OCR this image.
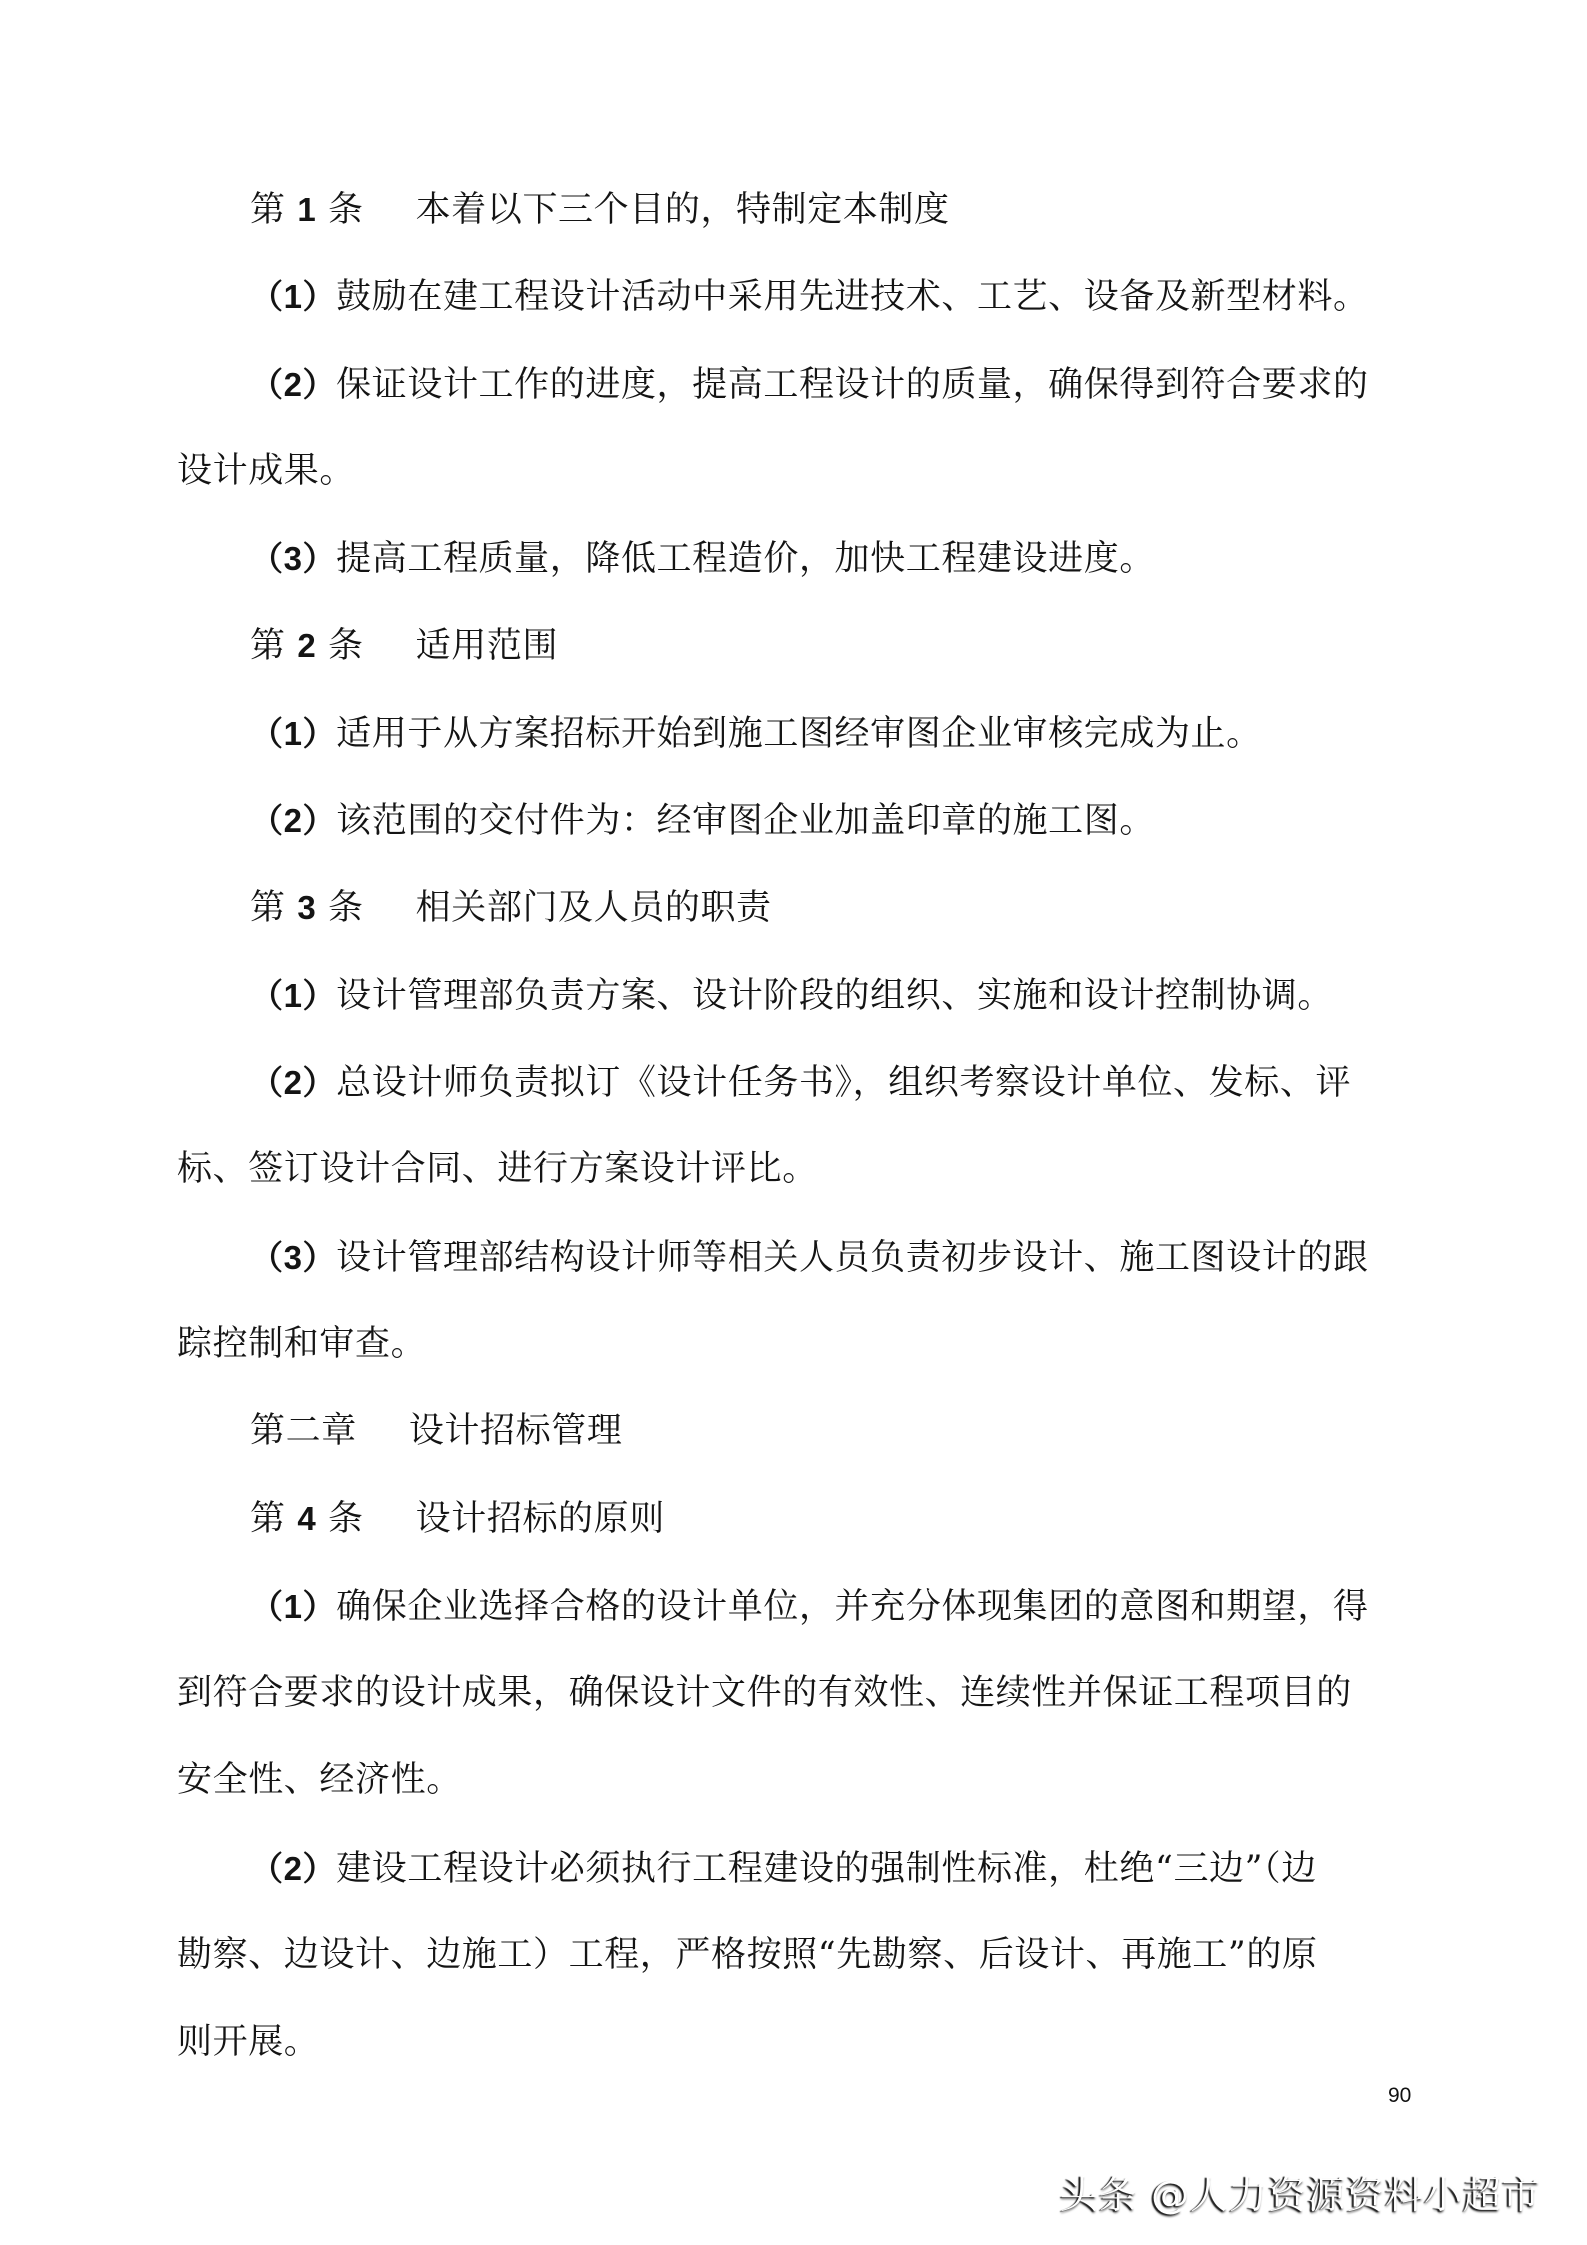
第 1 条 本着以下三个目的，特制定本制度
（1）鼓励在建工程设计活动中采用先进技术、工艺、设备及新型材料。
（2）保证设计工作的进度，提高工程设计的质量，确保得到符合要求的
设计成果。
（3）提高工程质量，降低工程造价，加快工程建设进度。
第 2 条 适用范围
（1）适用于从方案招标开始到施工图经审图企业审核完成为止。
（2）该范围的交付件为：经审图企业加盖印章的施工图。
第 3 条 相关部门及人员的职责
（1）设计管理部负责方案、设计阶段的组织、实施和设计控制协调。
（2）总设计师负责拟订《设计任务书》，组织考察设计单位、发标、评
标、签订设计合同、进行方案设计评比。
（3）设计管理部结构设计师等相关人员负责初步设计、施工图设计的跟
踪控制和审查。
第二章 设计招标管理
第 4 条 设计招标的原则
（1）确保企业选择合格的设计单位，并充分体现集团的意图和期望，得
到符合要求的设计成果，确保设计文件的有效性、连续性并保证工程项目的
安全性、经济性。
（2）建设工程设计必须执行工程建设的强制性标准，杜绝“三边”（边
勘察、边设计、边施工）工程，严格按照“先勘察、后设计、再施工”的原
则开展。
90
头条 @人力资源资料小超市
